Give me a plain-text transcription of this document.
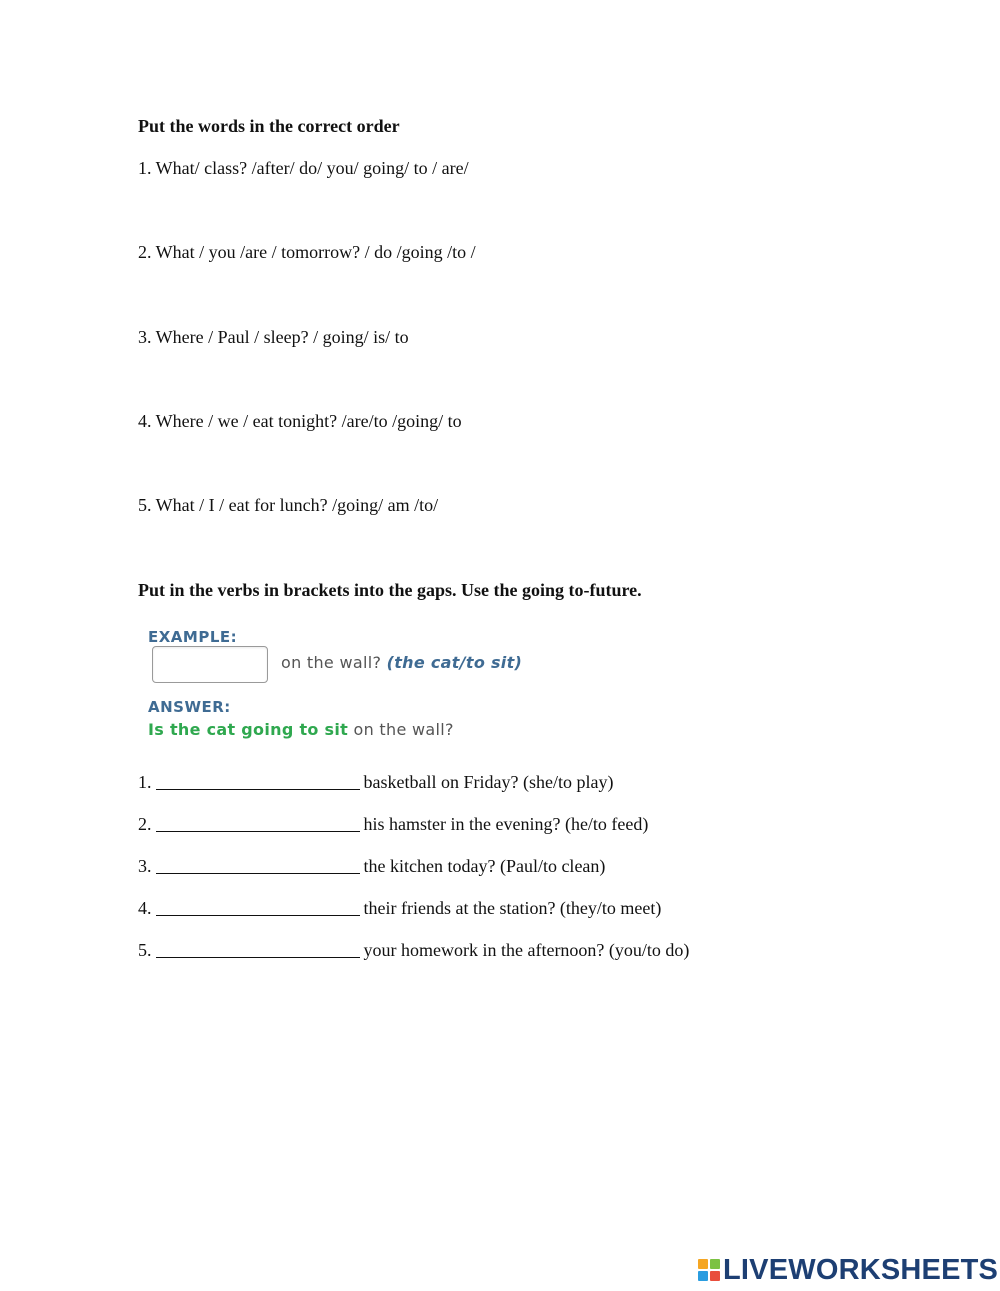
Put the words in the correct order
1. What/ class? /after/ do/ you/ going/ to / are/
2. What / you /are / tomorrow? / do /going /to /
3. Where / Paul / sleep? / going/ is/ to
4. Where / we / eat tonight? /are/to /going/ to
5. What / I / eat for lunch? /going/ am /to/
Put in the verbs in brackets into the gaps. Use the going to-future.
EXAMPLE:
on the wall? (the cat/to sit)
ANSWER:
Is the cat going to sit on the wall?
1.	basketball on Friday? (she/to play)
2.	his hamster in the evening? (he/to feed)
3.	the kitchen today? (Paul/to clean)
4.	their friends at the station? (they/to meet)
5.	your homework in the afternoon? (you/to do)
LIVEWORKSHEETS
